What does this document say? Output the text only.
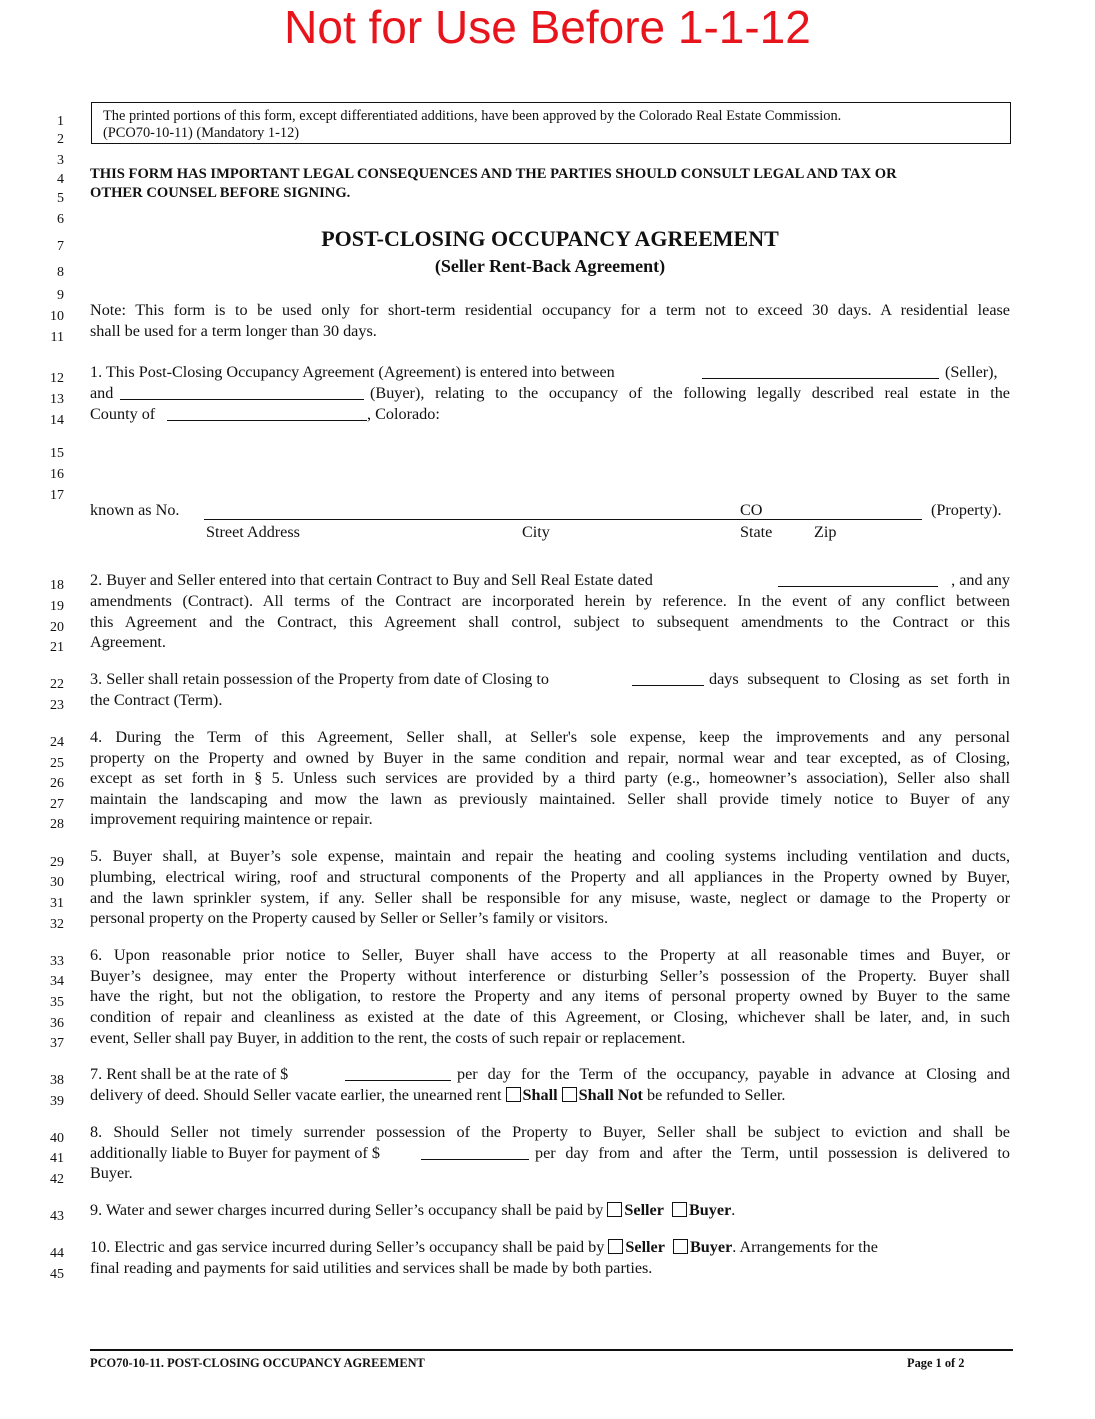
Not for Use Before 1-1-12
1
2
3
4
5
6
7
8
9
10
11
12
13
14
15
16
17
18
19
20
21
22
23
24
25
26
27
28
29
30
31
32
33
34
35
36
37
38
39
40
41
42
43
44
45
The printed portions of this form, except differentiated additions, have been approved by the Colorado Real Estate Commission.
(PCO70-10-11) (Mandatory 1-12)
THIS FORM HAS IMPORTANT LEGAL CONSEQUENCES AND THE PARTIES SHOULD CONSULT LEGAL AND TAX OR
OTHER COUNSEL BEFORE SIGNING.
POST-CLOSING OCCUPANCY AGREEMENT
(Seller Rent-Back Agreement)
Note: This form is to be used only for short-term residential occupancy for a term not to exceed 30 days. A residential lease
shall be used for a term longer than 30 days.
1. This Post-Closing Occupancy Agreement (Agreement) is entered into between	(Seller),
and	(Buyer), relating to the occupancy of the following legally described real estate in the
County of	, Colorado:
known as No.	CO	(Property).
Street Address	City	State	Zip
2. Buyer and Seller entered into that certain Contract to Buy and Sell Real Estate dated	, and any
amendments (Contract). All terms of the Contract are incorporated herein by reference. In the event of any conflict between
this Agreement and the Contract, this Agreement shall control, subject to subsequent amendments to the Contract or this
Agreement.
3. Seller shall retain possession of the Property from date of Closing to	days subsequent to Closing as set forth in
the Contract (Term).
4. During the Term of this Agreement, Seller shall, at Seller's sole expense, keep the improvements and any personal
property on the Property and owned by Buyer in the same condition and repair, normal wear and tear excepted, as of Closing,
except as set forth in § 5. Unless such services are provided by a third party (e.g., homeowner’s association), Seller also shall
maintain the landscaping and mow the lawn as previously maintained. Seller shall provide timely notice to Buyer of any
improvement requiring maintence or repair.
5. Buyer shall, at Buyer’s sole expense, maintain and repair the heating and cooling systems including ventilation and ducts,
plumbing, electrical wiring, roof and structural components of the Property and all appliances in the Property owned by Buyer,
and the lawn sprinkler system, if any. Seller shall be responsible for any misuse, waste, neglect or damage to the Property or
personal property on the Property caused by Seller or Seller’s family or visitors.
6. Upon reasonable prior notice to Seller, Buyer shall have access to the Property at all reasonable times and Buyer, or
Buyer’s designee, may enter the Property without interference or disturbing Seller’s possession of the Property. Buyer shall
have the right, but not the obligation, to restore the Property and any items of personal property owned by Buyer to the same
condition of repair and cleanliness as existed at the date of this Agreement, or Closing, whichever shall be later, and, in such
event, Seller shall pay Buyer, in addition to the rent, the costs of such repair or replacement.
7. Rent shall be at the rate of $	per day for the Term of the occupancy, payable in advance at Closing and
delivery of deed. Should Seller vacate earlier, the unearned rent Shall Shall Not be refunded to Seller.
8. Should Seller not timely surrender possession of the Property to Buyer, Seller shall be subject to eviction and shall be
additionally liable to Buyer for payment of $	per day from and after the Term, until possession is delivered to
Buyer.
9. Water and sewer charges incurred during Seller’s occupancy shall be paid by Seller Buyer.
10. Electric and gas service incurred during Seller’s occupancy shall be paid by Seller Buyer. Arrangements for the
final reading and payments for said utilities and services shall be made by both parties.
PCO70-10-11. POST-CLOSING OCCUPANCY AGREEMENT	Page 1 of 2
